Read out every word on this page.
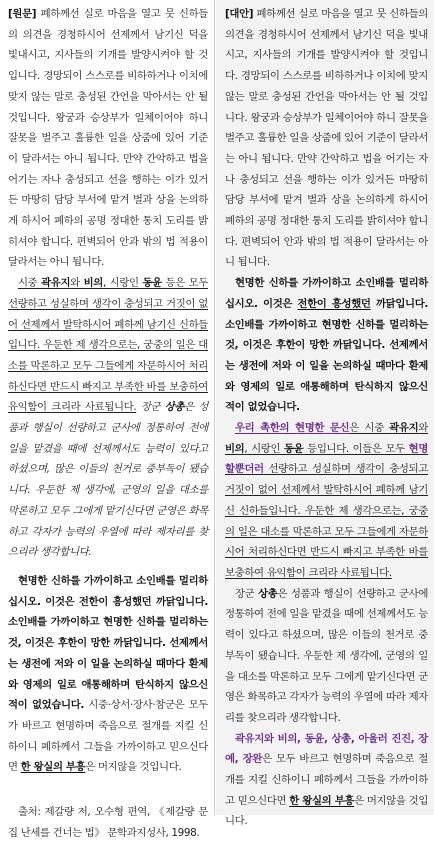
[원문] 폐하께선 실로 마음을 열고 뭇 신하들의 의견을 경청하시어 선제께서 남기신 덕을 빛내시고, 지사들의 기개를 발양시켜야 할 것입니다. 경망되이 스스로를 비하하거나 이치에 맞지 않는 말로 충성된 간언을 막아서는 안 될 것입니다. 왕궁과 승상부가 일체이어야 하니 잘못을 벌주고 훌륭한 일을 상줌에 있어 기준이 달라서는 아니 됩니다. 만약 간악하고 법을 어기는 자나 충성되고 선을 행하는 이가 있거든 마땅히 담당 부서에 맡겨 벌과 상을 논의하게 하시어 폐하의 공명 정대한 통치 도리를 밝히셔야 합니다. 편벽되어 안과 밖의 법 적용이 달라서는 아니 됩니다.

시중 곽유지와 비의, 시랑인 동윤 등은 모두 선량하고 성실하며 생각이 충성되고 거짓이 없어 선제께서 발탁하시어 폐하께 남기신 신하들입니다. 우둔한 제 생각으로는, 궁중의 일은 대소를 막론하고 모두 그들에게 자문하시어 처리하신다면 반드시 빠지고 부족한 바를 보충하여 유익함이 크리라 사료됩니다. 장군 상총은 성품과 행실이 선량하고 군사에 정통하여 전에 일을 맡겼을 때에 선제께서도 능력이 있다고 하셨으며, 많은 이들의 천거로 중부독이 됐습니다. 우둔한 제 생각에, 군영의 일을 대소를 막론하고 모두 그에게 맡기신다면 군영은 화목하고 각자가 능력의 우열에 따라 제자리를 찾으리라 생각합니다.

현명한 신하를 가까이하고 소인배를 멀리하십시오. 이것은 전한이 흥성했던 까닭입니다. 소인배를 가까이하고 현명한 신하를 멀리하는 것, 이것은 후한이 망한 까닭입니다. 선제께서는 생전에 저와 이 일을 논의하실 때마다 환제와 영제의 일로 애통해하며 탄식하지 않으신 적이 없었습니다. 시중·상서·장사·참군은 모두가 바르고 현명하며 죽음으로 절개를 지킬 신하이니 폐하께서 그들을 가까이하고 믿으신다면 한 왕실의 부흥은 머지않을 것입니다.

출처: 제갈량 저, 오수형 편역, 《제갈량 문집 난세를 건너는 법》 문학과지성사, 1998.

[대안] 폐하께선 실로 마음을 열고 뭇 신하들의 의견을 경청하시어 선제께서 남기신 덕을 빛내시고, 지사들의 기개를 발양시켜야 할 것입니다. 경망되이 스스로를 비하하거나 이치에 맞지 않는 말로 충성된 간언을 막아서는 안 될 것입니다. 왕궁과 승상부가 일체이어야 하니 잘못을 벌주고 훌륭한 일을 상줌에 있어 기준이 달라서는 아니 됩니다. 만약 간악하고 법을 어기는 자나 충성되고 선을 행하는 이가 있거든 마땅히 담당 부서에 맡겨 벌과 상을 논의하게 하시어 폐하의 공명 정대한 통치 도리를 밝히셔야 합니다. 편벽되어 안과 밖의 법 적용이 달라서는 아니 됩니다.

현명한 신하를 가까이하고 소인배를 멀리하십시오. 이것은 전한이 흥성했던 까닭입니다. 소인배를 가까이하고 현명한 신하를 멀리하는 것, 이것은 후한이 망한 까닭입니다. 선제께서는 생전에 저와 이 일을 논의하실 때마다 환제와 영제의 일로 애통해하며 탄식하지 않으신 적이 없었습니다.

우리 촉한의 현명한 문신은 시중 곽유지와 비의, 시랑인 동윤 등입니다. 이들은 모두 현명할뿐더러 선량하고 성실하며 생각이 충성되고 거짓이 없어 선제께서 발탁하시어 폐하께 남기신 신하들입니다. 우둔한 제 생각으로는, 궁중의 일은 대소를 막론하고 모두 그들에게 자문하시어 처리하신다면 반드시 빠지고 부족한 바를 보충하여 유익함이 크리라 사료됩니다.

장군 상총은 성품과 행실이 선량하고 군사에 정통하여 전에 일을 맡겼을 때에 선제께서도 능력이 있다고 하셨으며, 많은 이들의 천거로 중부독이 됐습니다. 우둔한 제 생각에, 군영의 일을 대소를 막론하고 모두 그에게 맡기신다면 군영은 화목하고 각자가 능력의 우열에 따라 제자리를 찾으리라 생각합니다.

곽유지와 비의, 동윤, 상총, 아울러 진진, 장예, 장완은 모두 바르고 현명하며 죽음으로 절개를 지킬 신하이니 폐하께서 그들을 가까이하고 믿으신다면 한 왕실의 부흥은 머지않을 것입니다.
